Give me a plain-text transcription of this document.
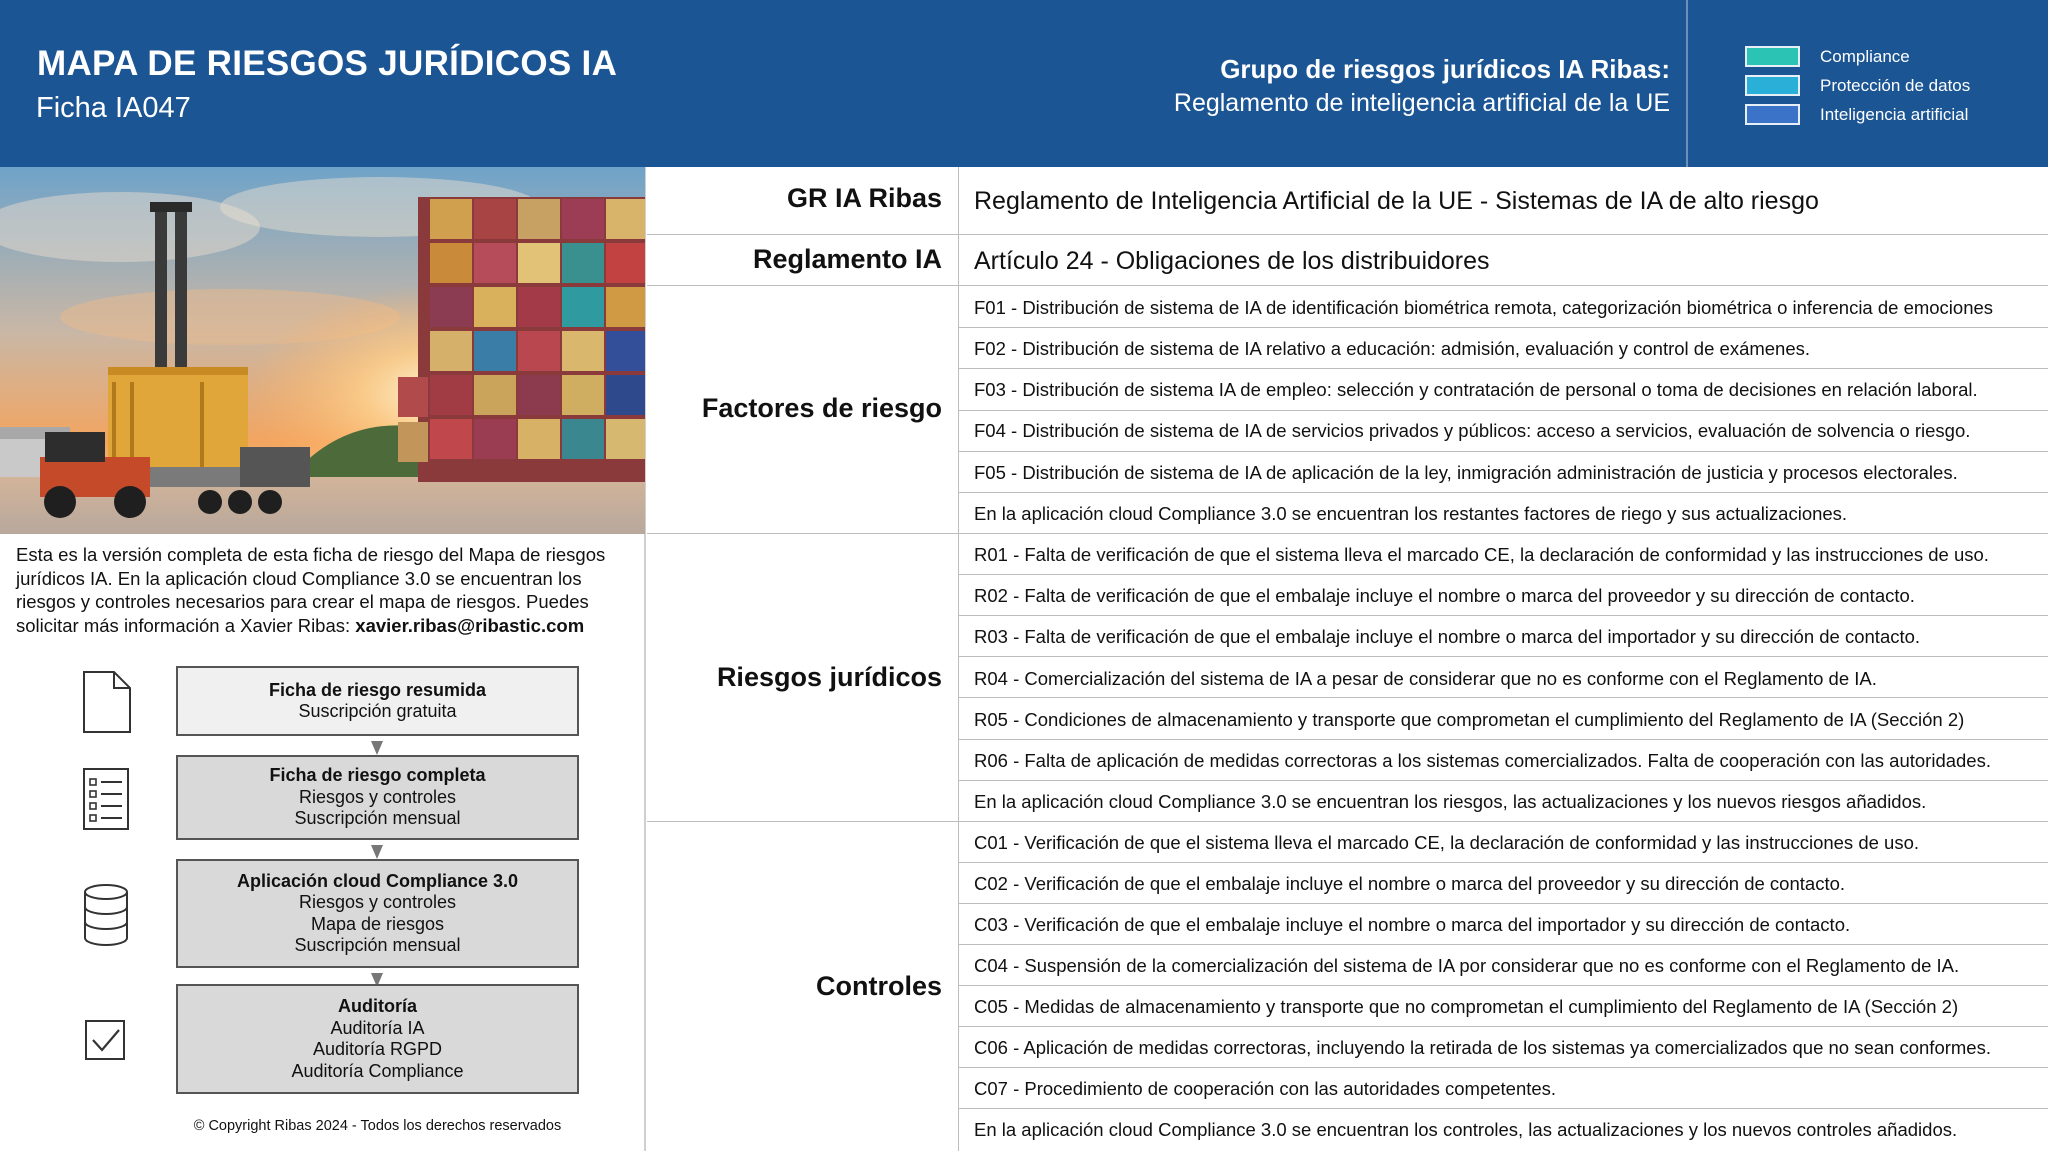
MAPA DE RIESGOS JURÍDICOS IA
Ficha IA047
Grupo de riesgos jurídicos IA Ribas:
Reglamento de inteligencia artificial de la UE
Compliance
Protección de datos
Inteligencia artificial

Esta es la versión completa de esta ficha de riesgo del Mapa de riesgos jurídicos IA. En la aplicación cloud Compliance 3.0 se encuentran los riesgos y controles necesarios para crear el mapa de riesgos. Puedes solicitar más información a Xavier Ribas: xavier.ribas@ribastic.com

Ficha de riesgo resumida
Suscripción gratuita
Ficha de riesgo completa
Riesgos y controles
Suscripción mensual
Aplicación cloud Compliance 3.0
Riesgos y controles
Mapa de riesgos
Suscripción mensual
Auditoría
Auditoría IA
Auditoría RGPD
Auditoría Compliance
© Copyright Ribas 2024 - Todos los derechos reservados
GR IA Ribas
Reglamento IA
Factores de riesgo
Riesgos jurídicos
Controles
Reglamento de Inteligencia Artificial de la UE - Sistemas de IA de alto riesgo
Artículo 24 - Obligaciones de los distribuidores
F01 - Distribución de sistema de IA de identificación biométrica remota, categorización biométrica o inferencia de emociones
F02 - Distribución de sistema de IA relativo a educación: admisión, evaluación y control de exámenes.
F03 - Distribución de sistema IA de empleo: selección y contratación de personal o toma de decisiones en relación laboral.
F04 - Distribución de sistema de IA de servicios privados y públicos: acceso a servicios, evaluación de solvencia o riesgo.
F05 - Distribución de sistema de IA de aplicación de la ley, inmigración administración de justicia y procesos electorales.
En la aplicación cloud Compliance 3.0 se encuentran los restantes factores de riego y sus actualizaciones.
R01 - Falta de verificación de que el sistema lleva el marcado CE, la declaración de conformidad y las instrucciones de uso.
R02 - Falta de verificación de que el embalaje incluye el nombre o marca del proveedor y su dirección de contacto.
R03 - Falta de verificación de que el embalaje incluye el nombre o marca del importador y su dirección de contacto.
R04 - Comercialización del sistema de IA a pesar de considerar que no es conforme con el Reglamento de IA.
R05 - Condiciones de almacenamiento y transporte que comprometan el cumplimiento del Reglamento de IA (Sección 2)
R06 - Falta de aplicación de medidas correctoras a los sistemas comercializados. Falta de cooperación con las autoridades.
En la aplicación cloud Compliance 3.0 se encuentran los riesgos, las actualizaciones y los nuevos riesgos añadidos.
C01 - Verificación de que el sistema lleva el marcado CE, la declaración de conformidad y las instrucciones de uso.
C02 - Verificación de que el embalaje incluye el nombre o marca del proveedor y su dirección de contacto.
C03 - Verificación de que el embalaje incluye el nombre o marca del importador y su dirección de contacto.
C04 - Suspensión de la comercialización del sistema de IA por considerar que no es conforme con el Reglamento de IA.
C05 - Medidas de almacenamiento y transporte que no comprometan el cumplimiento del Reglamento de IA (Sección 2)
C06 - Aplicación de medidas correctoras, incluyendo la retirada de los sistemas ya comercializados que no sean conformes.
C07 - Procedimiento de cooperación con las autoridades competentes.
En la aplicación cloud Compliance 3.0 se encuentran los controles, las actualizaciones y los nuevos controles añadidos.
